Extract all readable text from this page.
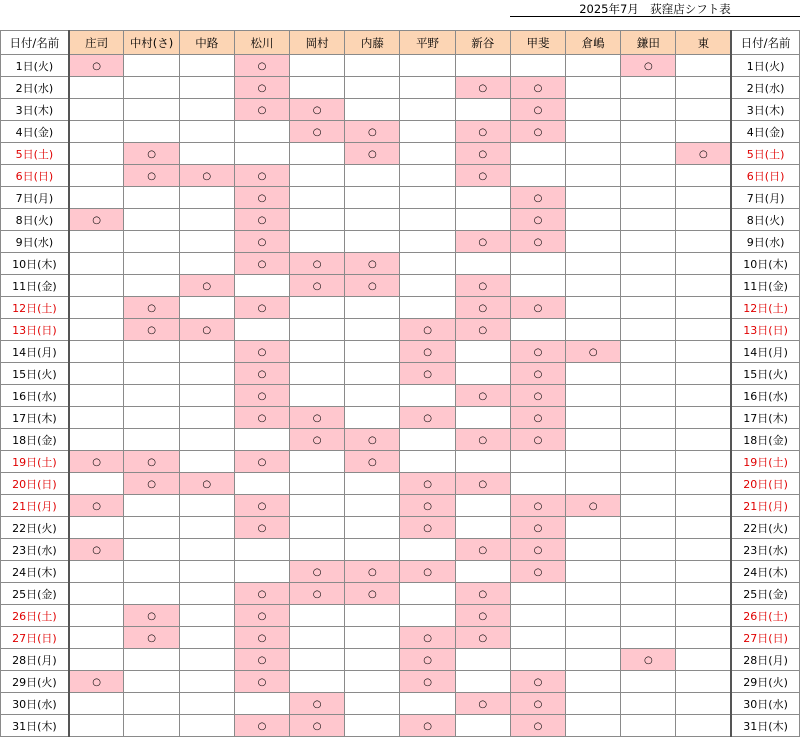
2025年7月　荻窪店シフト表
日付/名前	庄司	中村(さ)	中路	松川	岡村	内藤	平野	新谷	甲斐	倉嶋	鎌田	東	日付/名前
1日(火)	○			○							○		1日(火)
2日(水)				○				○	○				2日(水)
3日(木)				○	○				○				3日(木)
4日(金)					○	○		○	○				4日(金)
5日(土)		○				○		○				○	5日(土)
6日(日)		○	○	○				○					6日(日)
7日(月)				○					○				7日(月)
8日(火)	○			○					○				8日(火)
9日(水)				○				○	○				9日(水)
10日(木)				○	○	○							10日(木)
11日(金)			○		○	○		○					11日(金)
12日(土)		○		○				○	○				12日(土)
13日(日)		○	○				○	○					13日(日)
14日(月)				○			○		○	○			14日(月)
15日(火)				○			○		○				15日(火)
16日(水)				○				○	○				16日(水)
17日(木)				○	○		○		○				17日(木)
18日(金)					○	○		○	○				18日(金)
19日(土)	○	○		○		○							19日(土)
20日(日)		○	○				○	○					20日(日)
21日(月)	○			○			○		○	○			21日(月)
22日(火)				○			○		○				22日(火)
23日(水)	○							○	○				23日(水)
24日(木)					○	○	○		○				24日(木)
25日(金)				○	○	○		○					25日(金)
26日(土)		○		○				○					26日(土)
27日(日)		○		○			○	○					27日(日)
28日(月)				○			○				○		28日(月)
29日(火)	○			○			○		○				29日(火)
30日(水)					○			○	○				30日(水)
31日(木)				○	○		○		○				31日(木)
